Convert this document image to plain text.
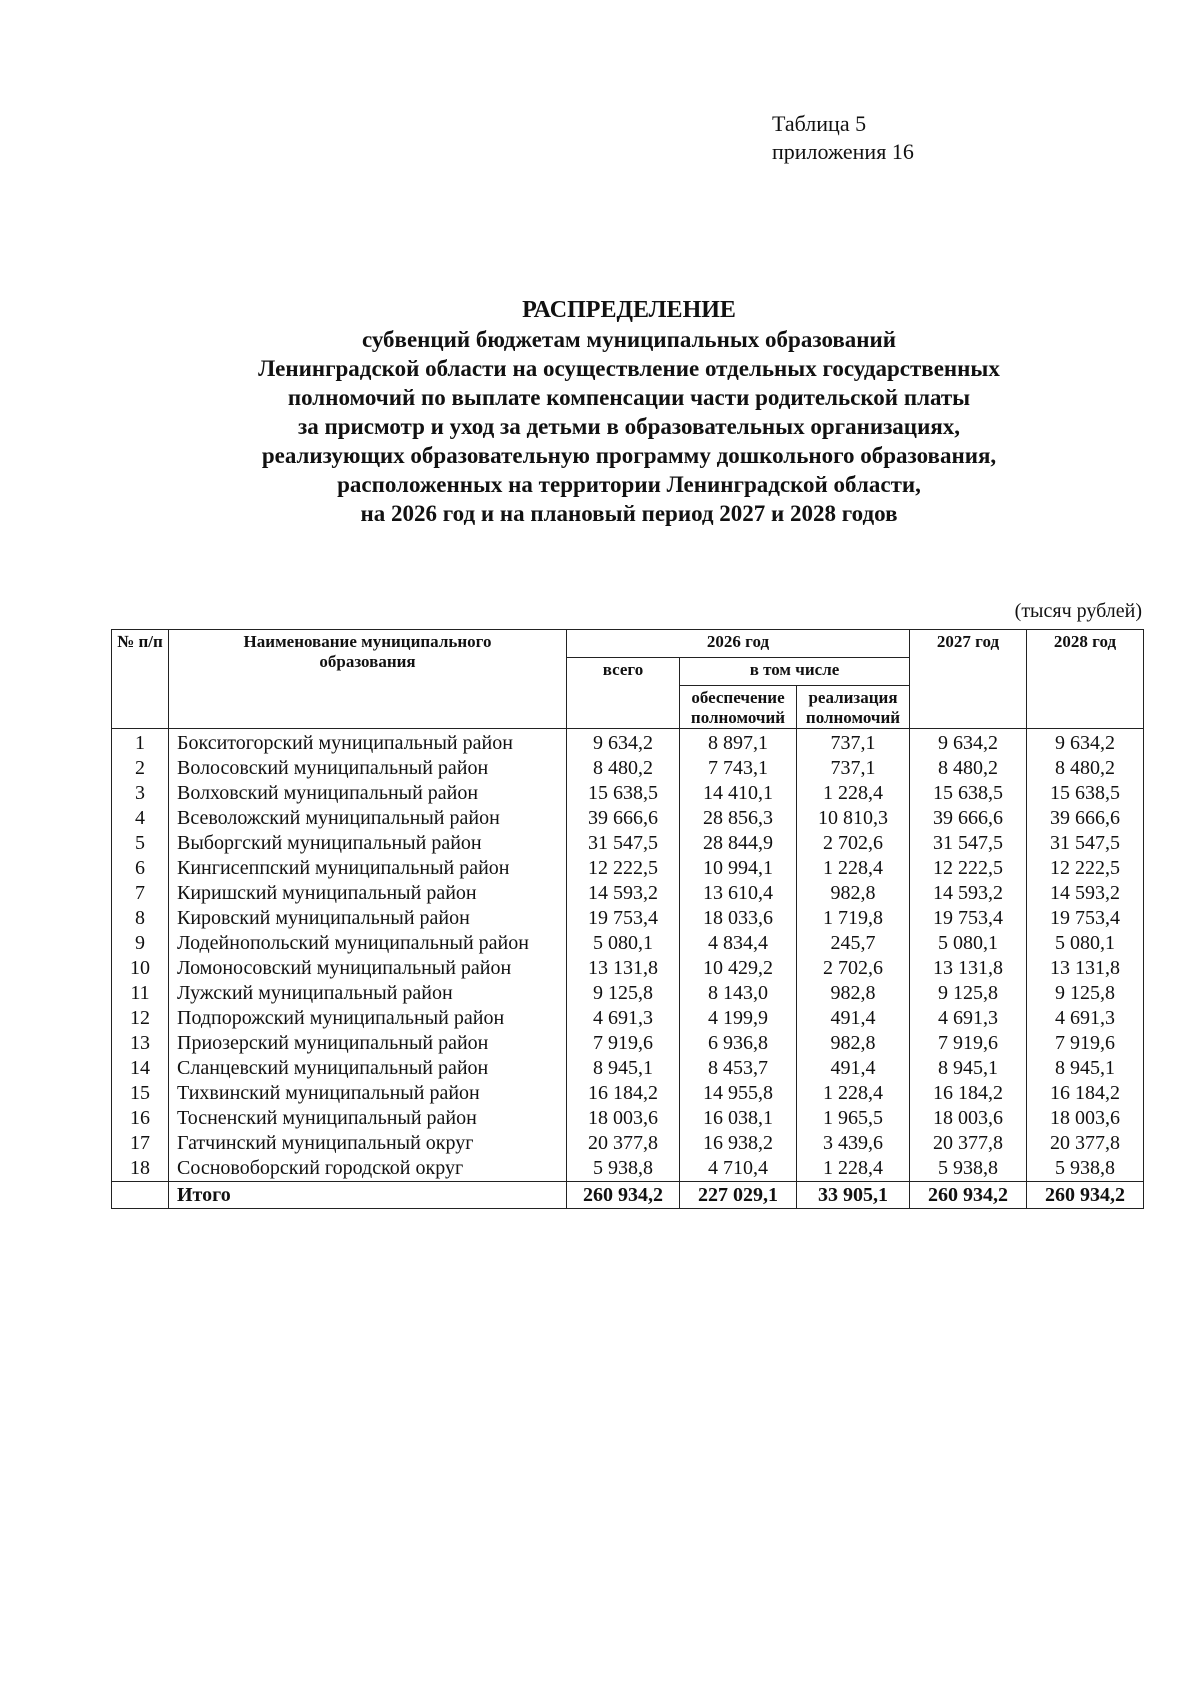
Таблица 5
приложения 16
РАСПРЕДЕЛЕНИЕ
субвенций бюджетам муниципальных образований
Ленинградской области на осуществление отдельных государственных
полномочий по выплате компенсации части родительской платы
за присмотр и уход за детьми в образовательных организациях,
реализующих образовательную программу дошкольного образования,
расположенных на территории Ленинградской области,
на 2026 год и на плановый период 2027 и 2028 годов
(тысяч рублей)
№ п/п	Наименование муниципального образования	2026 год			2027 год	2028 год
		всего	в том числе			
			обеспечение полномочий	реализация полномочий		
1	Бокситогорский муниципальный район	9 634,2	8 897,1	737,1	9 634,2	9 634,2
2	Волосовский муниципальный район	8 480,2	7 743,1	737,1	8 480,2	8 480,2
3	Волховский муниципальный район	15 638,5	14 410,1	1 228,4	15 638,5	15 638,5
4	Всеволожский муниципальный район	39 666,6	28 856,3	10 810,3	39 666,6	39 666,6
5	Выборгский муниципальный район	31 547,5	28 844,9	2 702,6	31 547,5	31 547,5
6	Кингисеппский муниципальный район	12 222,5	10 994,1	1 228,4	12 222,5	12 222,5
7	Киришский муниципальный район	14 593,2	13 610,4	982,8	14 593,2	14 593,2
8	Кировский муниципальный район	19 753,4	18 033,6	1 719,8	19 753,4	19 753,4
9	Лодейнопольский муниципальный район	5 080,1	4 834,4	245,7	5 080,1	5 080,1
10	Ломоносовский муниципальный район	13 131,8	10 429,2	2 702,6	13 131,8	13 131,8
11	Лужский муниципальный район	9 125,8	8 143,0	982,8	9 125,8	9 125,8
12	Подпорожский муниципальный район	4 691,3	4 199,9	491,4	4 691,3	4 691,3
13	Приозерский муниципальный район	7 919,6	6 936,8	982,8	7 919,6	7 919,6
14	Сланцевский муниципальный район	8 945,1	8 453,7	491,4	8 945,1	8 945,1
15	Тихвинский муниципальный район	16 184,2	14 955,8	1 228,4	16 184,2	16 184,2
16	Тосненский муниципальный район	18 003,6	16 038,1	1 965,5	18 003,6	18 003,6
17	Гатчинский муниципальный округ	20 377,8	16 938,2	3 439,6	20 377,8	20 377,8
18	Сосновоборский городской округ	5 938,8	4 710,4	1 228,4	5 938,8	5 938,8
	Итого	260 934,2	227 029,1	33 905,1	260 934,2	260 934,2
